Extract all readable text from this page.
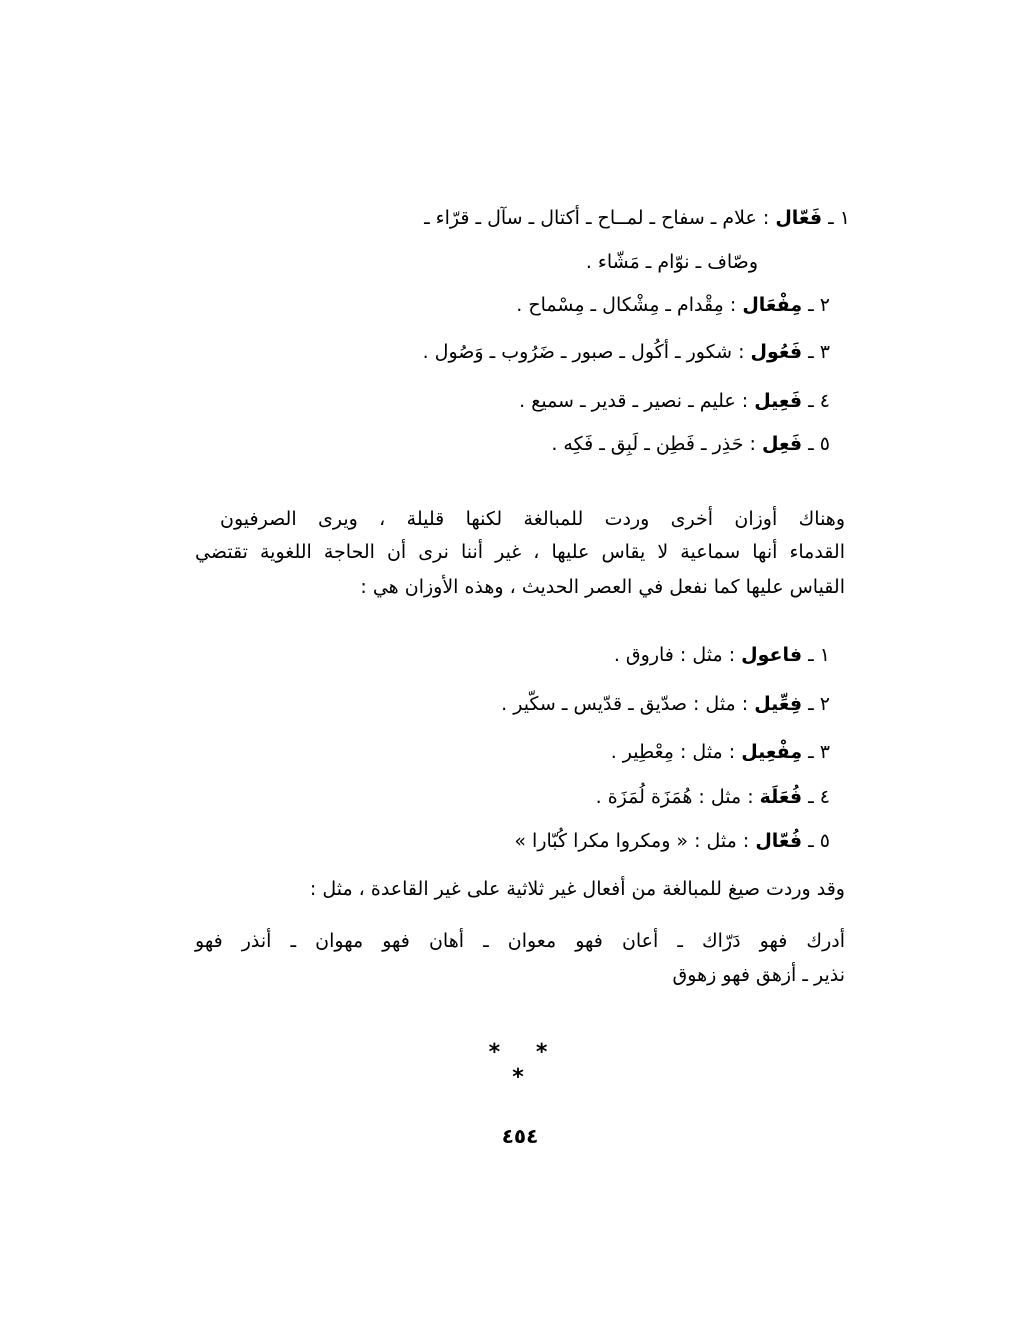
١ ـ فَعّال : علام ـ سفاح ـ لمــاح ـ أكتال ـ سآل ـ قرّاء ـ
وصّاف ـ نوّام ـ مَشّاء .
٢ ـ مِفْعَال : مِقْدام ـ مِشْكال ـ مِسْماح .
٣ ـ فَعُول : شكور ـ أكُول ـ صبور ـ ضَرُوب ـ وَصُول .
٤ ـ فَعِيل : عليم ـ نصير ـ قدير ـ سميع .
٥ ـ فَعِل : حَذِر ـ فَطِن ـ لَبِق ـ فَكِه .
وهناك أوزان أخرى وردت للمبالغة لكنها قليلة ، ويرى الصرفيون
القدماء أنها سماعية لا يقاس عليها ، غير أننا نرى أن الحاجة اللغوية تقتضي
القياس عليها كما نفعل في العصر الحديث ، وهذه الأوزان هي :
١ ـ فاعول : مثل : فاروق .
٢ ـ فِعِّيل : مثل : صدّيق ـ قدّيس ـ سكّير .
٣ ـ مِفْعِيل : مثل : مِعْطِير .
٤ ـ فُعَلَة : مثل : هُمَزَة لُمَزَة .
٥ ـ فُعّال : مثل : « ومكروا مكرا كُبّارا »
وقد وردت صيغ للمبالغة من أفعال غير ثلاثية على غير القاعدة ، مثل :
أدرك فهو دَرّاك ـ أعان فهو معوان ـ أهان فهو مهوان ـ أنذر فهو
نذير ـ أزهق فهو زهوق
* * *
٤٥٤
